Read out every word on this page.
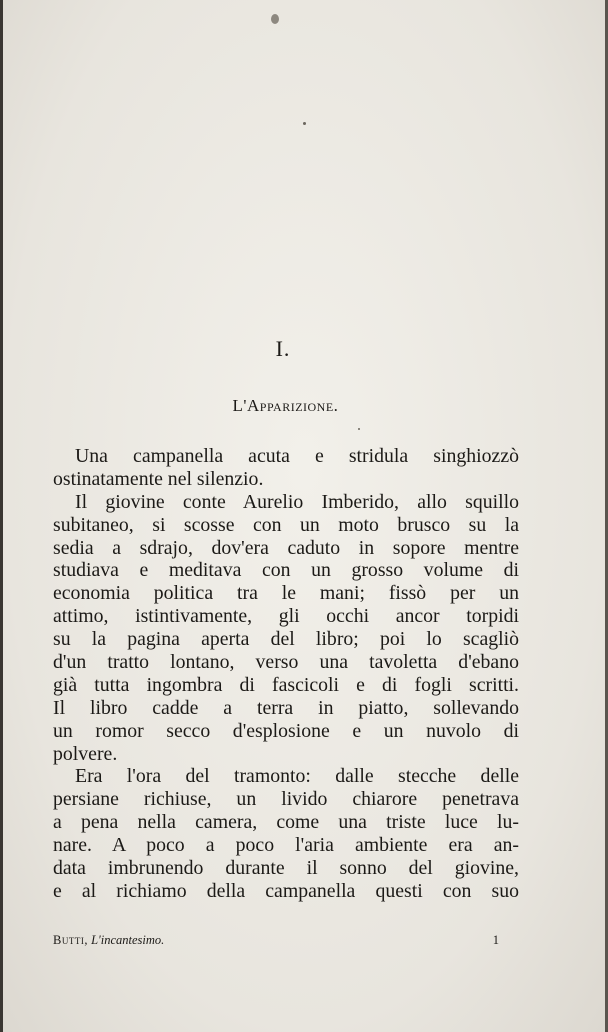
I.
L'Apparizione.
Una campanella acuta e stridula singhiozzò
ostinatamente nel silenzio.
Il giovine conte Aurelio Imberido, allo squillo
subitaneo, si scosse con un moto brusco su la
sedia a sdrajo, dov'era caduto in sopore mentre
studiava e meditava con un grosso volume di
economia politica tra le mani; fissò per un
attimo, istintivamente, gli occhi ancor torpidi
su la pagina aperta del libro; poi lo scagliò
d'un tratto lontano, verso una tavoletta d'ebano
già tutta ingombra di fascicoli e di fogli scritti.
Il libro cadde a terra in piatto, sollevando
un romor secco d'esplosione e un nuvolo di
polvere.
Era l'ora del tramonto: dalle stecche delle
persiane richiuse, un livido chiarore penetrava
a pena nella camera, come una triste luce lu-
nare. A poco a poco l'aria ambiente era an-
data imbrunendo durante il sonno del giovine,
e al richiamo della campanella questi con suo
Butti, L'incantesimo.	1
